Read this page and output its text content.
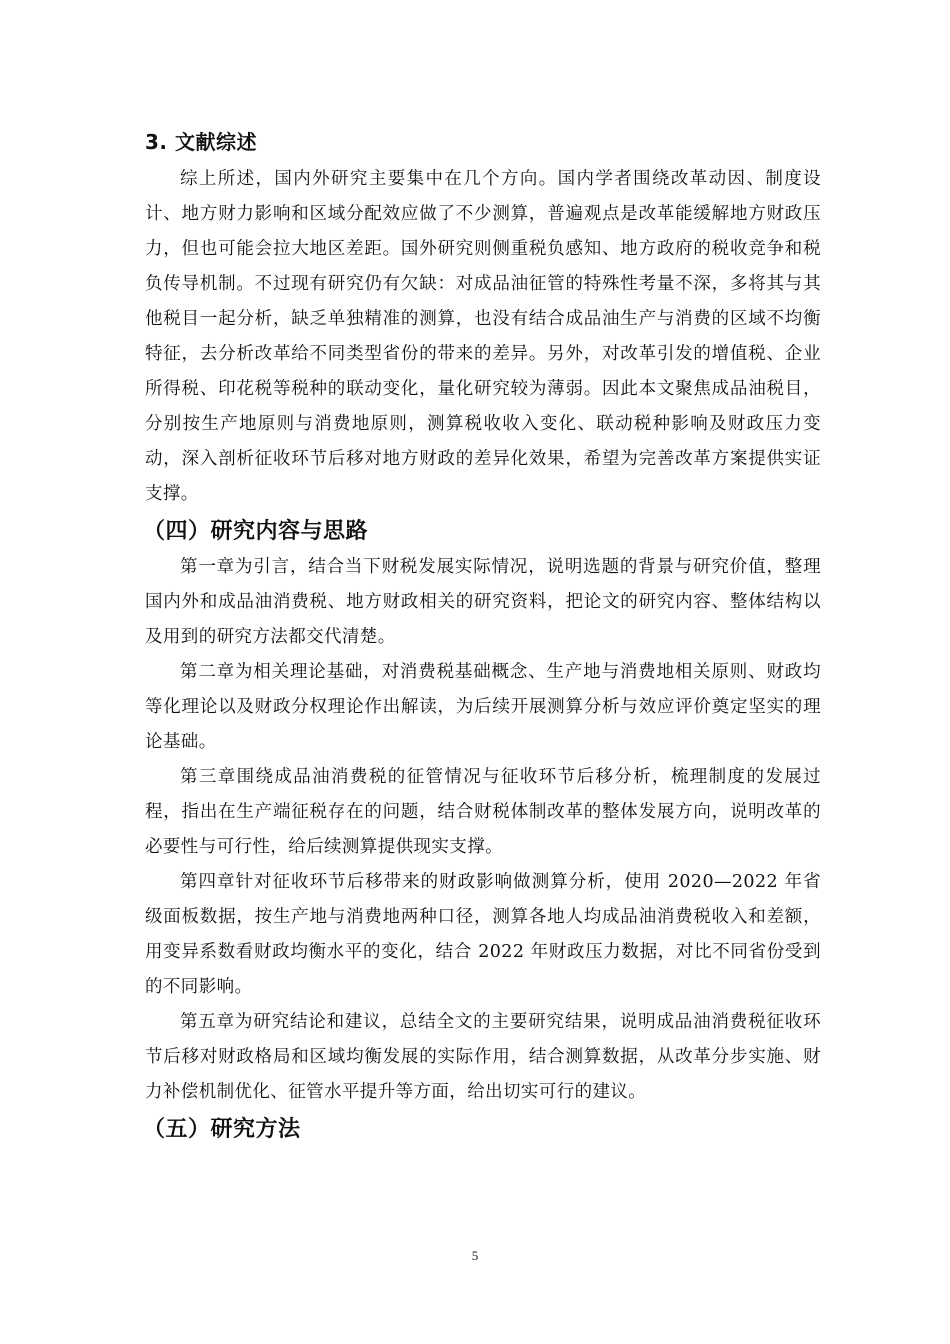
3. 文献综述

综上所述，国内外研究主要集中在几个方向。国内学者围绕改革动因、制度设计、地方财力影响和区域分配效应做了不少测算，普遍观点是改革能缓解地方财政压力，但也可能会拉大地区差距。国外研究则侧重税负感知、地方政府的税收竞争和税负传导机制。不过现有研究仍有欠缺：对成品油征管的特殊性考量不深，多将其与其他税目一起分析，缺乏单独精准的测算，也没有结合成品油生产与消费的区域不均衡特征，去分析改革给不同类型省份的带来的差异。另外，对改革引发的增值税、企业所得税、印花税等税种的联动变化，量化研究较为薄弱。因此本文聚焦成品油税目，分别按生产地原则与消费地原则，测算税收收入变化、联动税种影响及财政压力变动，深入剖析征收环节后移对地方财政的差异化效果，希望为完善改革方案提供实证支撑。

（四）研究内容与思路

第一章为引言，结合当下财税发展实际情况，说明选题的背景与研究价值，整理国内外和成品油消费税、地方财政相关的研究资料，把论文的研究内容、整体结构以及用到的研究方法都交代清楚。

第二章为相关理论基础，对消费税基础概念、生产地与消费地相关原则、财政均等化理论以及财政分权理论作出解读，为后续开展测算分析与效应评价奠定坚实的理论基础。

第三章围绕成品油消费税的征管情况与征收环节后移分析，梳理制度的发展过程，指出在生产端征税存在的问题，结合财税体制改革的整体发展方向，说明改革的必要性与可行性，给后续测算提供现实支撑。

第四章针对征收环节后移带来的财政影响做测算分析，使用 2020—2022 年省级面板数据，按生产地与消费地两种口径，测算各地人均成品油消费税收入和差额，用变异系数看财政均衡水平的变化，结合 2022 年财政压力数据，对比不同省份受到的不同影响。

第五章为研究结论和建议，总结全文的主要研究结果，说明成品油消费税征收环节后移对财政格局和区域均衡发展的实际作用，结合测算数据，从改革分步实施、财力补偿机制优化、征管水平提升等方面，给出切实可行的建议。

（五）研究方法
5
